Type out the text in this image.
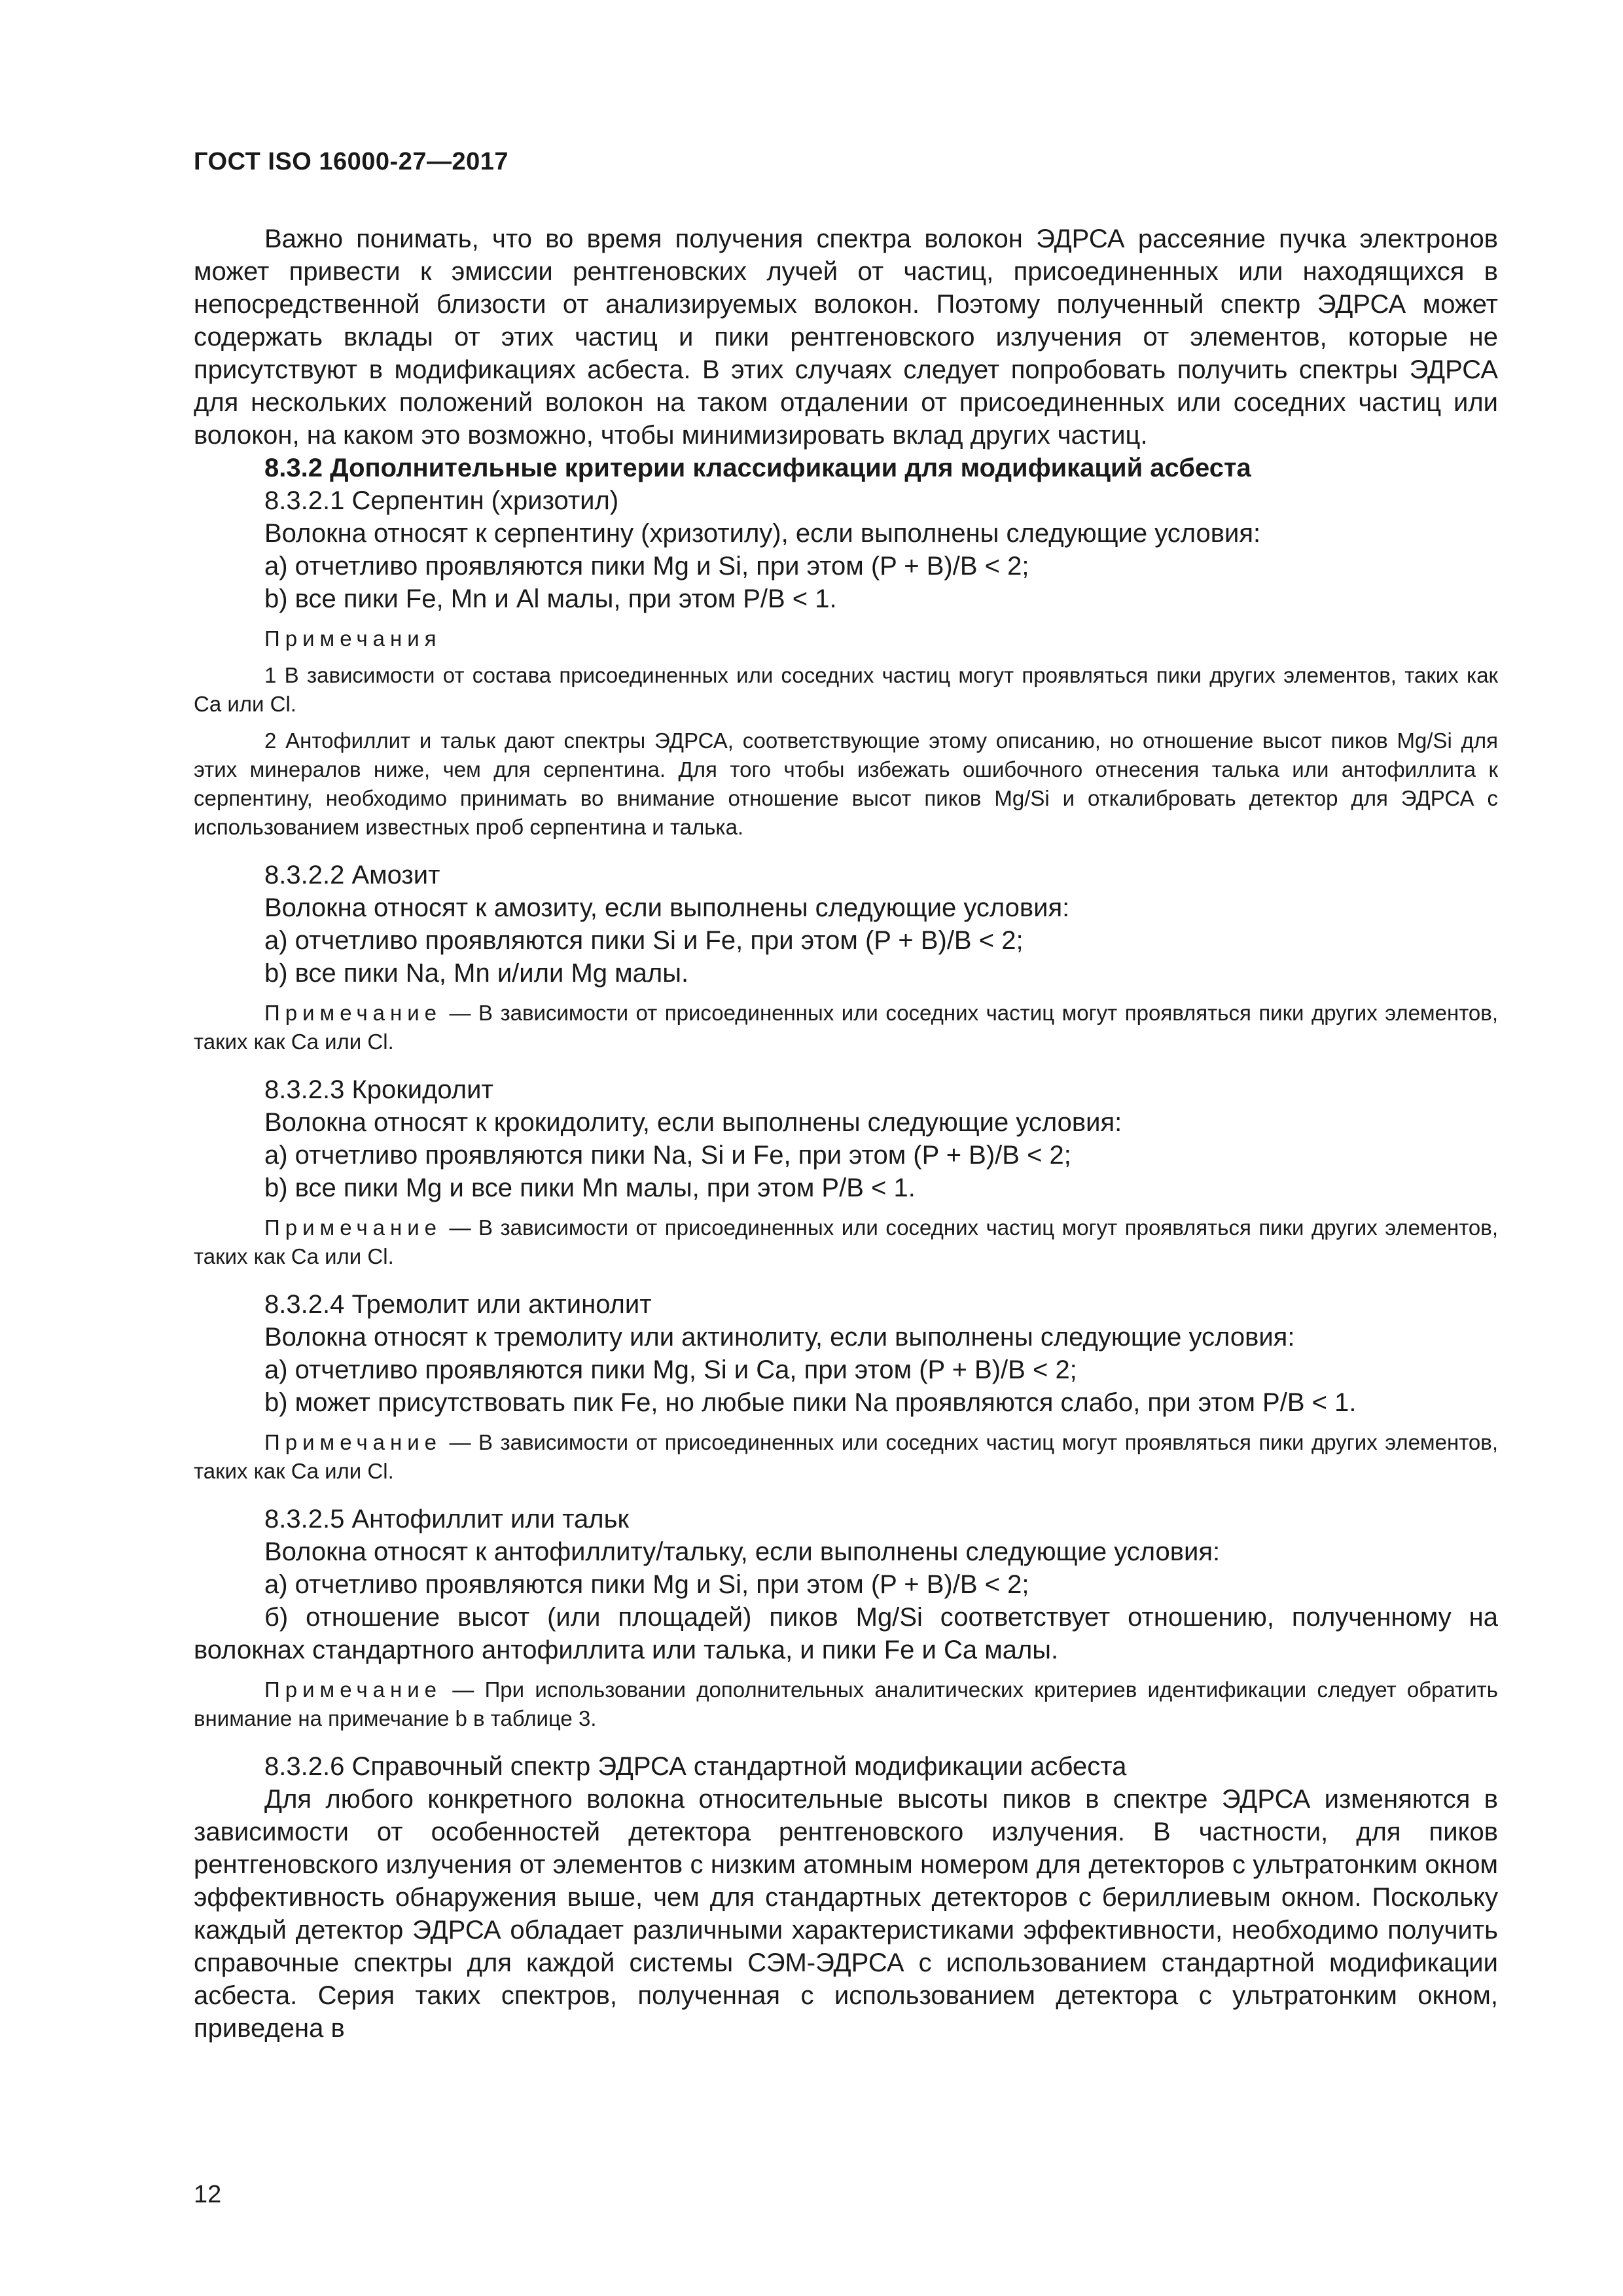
ГОСТ ISO 16000-27—2017

Важно понимать, что во время получения спектра волокон ЭДРСА рассеяние пучка электронов может привести к эмиссии рентгеновских лучей от частиц, присоединенных или находящихся в непосредственной близости от анализируемых волокон. Поэтому полученный спектр ЭДРСА может содержать вклады от этих частиц и пики рентгеновского излучения от элементов, которые не присутствуют в модификациях асбеста. В этих случаях следует попробовать получить спектры ЭДРСА для нескольких положений волокон на таком отдалении от присоединенных или соседних частиц или волокон, на каком это возможно, чтобы минимизировать вклад других частиц.

8.3.2 Дополнительные критерии классификации для модификаций асбеста

8.3.2.1 Серпентин (хризотил)

Волокна относят к серпентину (хризотилу), если выполнены следующие условия:

а) отчетливо проявляются пики Mg и Si, при этом (P + B)/B < 2;

b) все пики Fe, Mn и Al малы, при этом P/B < 1.

Примечания

1 В зависимости от состава присоединенных или соседних частиц могут проявляться пики других элементов, таких как Ca или Cl.

2 Антофиллит и тальк дают спектры ЭДРСА, соответствующие этому описанию, но отношение высот пиков Mg/Si для этих минералов ниже, чем для серпентина. Для того чтобы избежать ошибочного отнесения талька или антофиллита к серпентину, необходимо принимать во внимание отношение высот пиков Mg/Si и откалибровать детектор для ЭДРСА с использованием известных проб серпентина и талька.

8.3.2.2 Амозит

Волокна относят к амозиту, если выполнены следующие условия:

а) отчетливо проявляются пики Si и Fe, при этом (P + B)/B < 2;

b) все пики Na, Mn и/или Mg малы.

Примечание — В зависимости от присоединенных или соседних частиц могут проявляться пики других элементов, таких как Ca или Cl.

8.3.2.3 Крокидолит

Волокна относят к крокидолиту, если выполнены следующие условия:

а) отчетливо проявляются пики Na, Si и Fe, при этом (P + B)/B < 2;

b) все пики Mg и все пики Mn малы, при этом P/B < 1.

Примечание — В зависимости от присоединенных или соседних частиц могут проявляться пики других элементов, таких как Ca или Cl.

8.3.2.4 Тремолит или актинолит

Волокна относят к тремолиту или актинолиту, если выполнены следующие условия:

а) отчетливо проявляются пики Mg, Si и Ca, при этом (P + B)/B < 2;

b) может присутствовать пик Fe, но любые пики Na проявляются слабо, при этом P/B < 1.

Примечание — В зависимости от присоединенных или соседних частиц могут проявляться пики других элементов, таких как Ca или Cl.

8.3.2.5 Антофиллит или тальк

Волокна относят к антофиллиту/тальку, если выполнены следующие условия:

а) отчетливо проявляются пики Mg и Si, при этом (P + B)/B < 2;

б) отношение высот (или площадей) пиков Mg/Si соответствует отношению, полученному на волокнах стандартного антофиллита или талька, и пики Fe и Ca малы.

Примечание — При использовании дополнительных аналитических критериев идентификации следует обратить внимание на примечание b в таблице 3.

8.3.2.6 Справочный спектр ЭДРСА стандартной модификации асбеста

Для любого конкретного волокна относительные высоты пиков в спектре ЭДРСА изменяются в зависимости от особенностей детектора рентгеновского излучения. В частности, для пиков рентгеновского излучения от элементов с низким атомным номером для детекторов с ультратонким окном эффективность обнаружения выше, чем для стандартных детекторов с бериллиевым окном. Поскольку каждый детектор ЭДРСА обладает различными характеристиками эффективности, необходимо получить справочные спектры для каждой системы СЭМ-ЭДРСА с использованием стандартной модификации асбеста. Серия таких спектров, полученная с использованием детектора с ультратонким окном, приведена в

12
